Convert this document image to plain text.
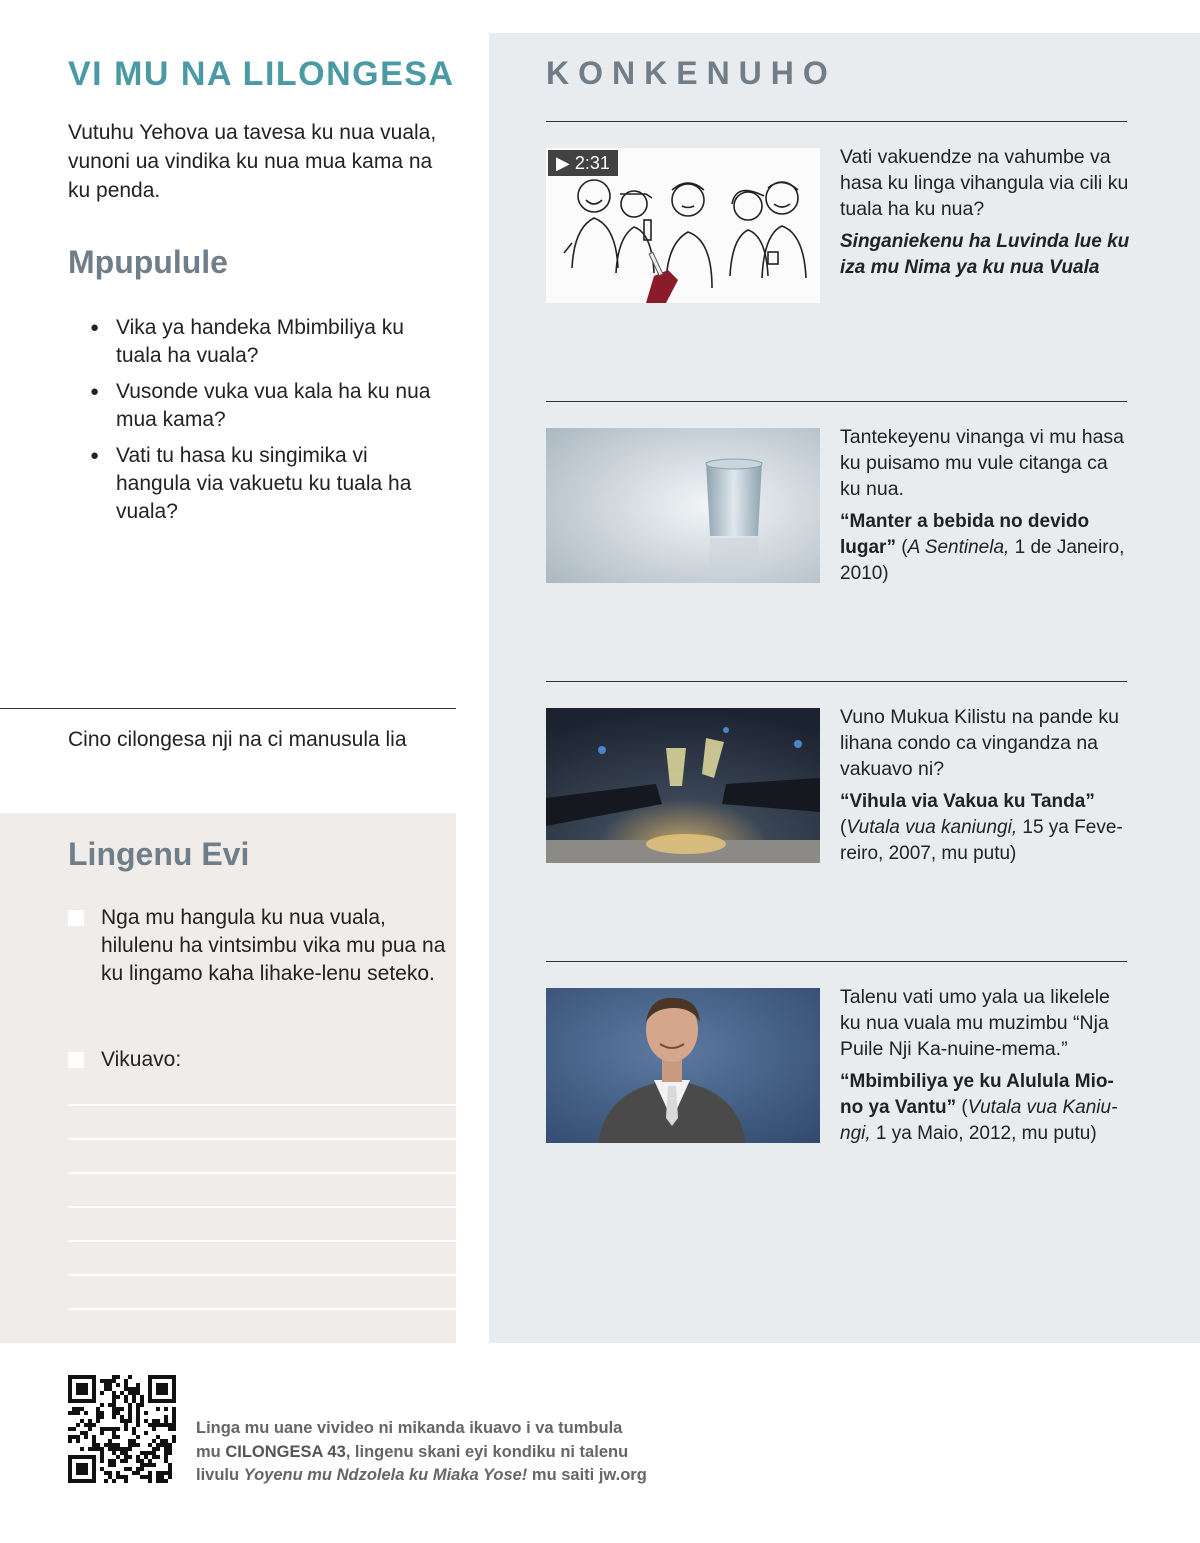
VI MU NA LILONGESA

Vutuhu Yehova ua tavesa ku nua vuala, vunoni ua vindika ku nua mua kama na ku penda.

Mpupulule
● Vika ya handeka Mbimbiliya ku tuala ha vuala?
● Vusonde vuka vua kala ha ku nua mua kama?
● Vati tu hasa ku singimika vi hangula via vakuetu ku tuala ha vuala?

Cino cilongesa nji na ci manusula lia

Lingenu Evi
Nga mu hangula ku nua vuala, hilulenu ha vintsimbu vika mu pua na ku lingamo kaha lihake-lenu seteko.
Vikuavo:
KONKENUHO
▶ 2:31	Vati vakuendze na vahumbe va hasa ku linga vihangula via cili ku tuala ha ku nua?

Singaniekenu ha Luvinda lue ku iza mu Nima ya ku nua Vuala

Tantekeyenu vinanga vi mu hasa ku puisamo mu vule citanga ca ku nua.

“Manter a bebida no devido lugar” (A Sentinela, 1 de Janeiro, 2010)

Vuno Mukua Kilistu na pande ku lihana condo ca vingandza na vakuavo ni?

“Vihula via Vakua ku Tanda” (Vutala vua kaniungi, 15 ya Feve-reiro, 2007, mu putu)

Talenu vati umo yala ua likelele ku nua vuala mu muzimbu “Nja Puile Nji Ka-nuine-mema.”

“Mbimbiliya ye ku Alulula Mio-no ya Vantu” (Vutala vua Kaniu-ngi, 1 ya Maio, 2012, mu putu)

Linga mu uane vivideo ni mikanda ikuavo i va tumbula
mu CILONGESA 43, lingenu skani eyi kondiku ni talenu
livulu Yoyenu mu Ndzolela ku Miaka Yose! mu saiti jw.org
